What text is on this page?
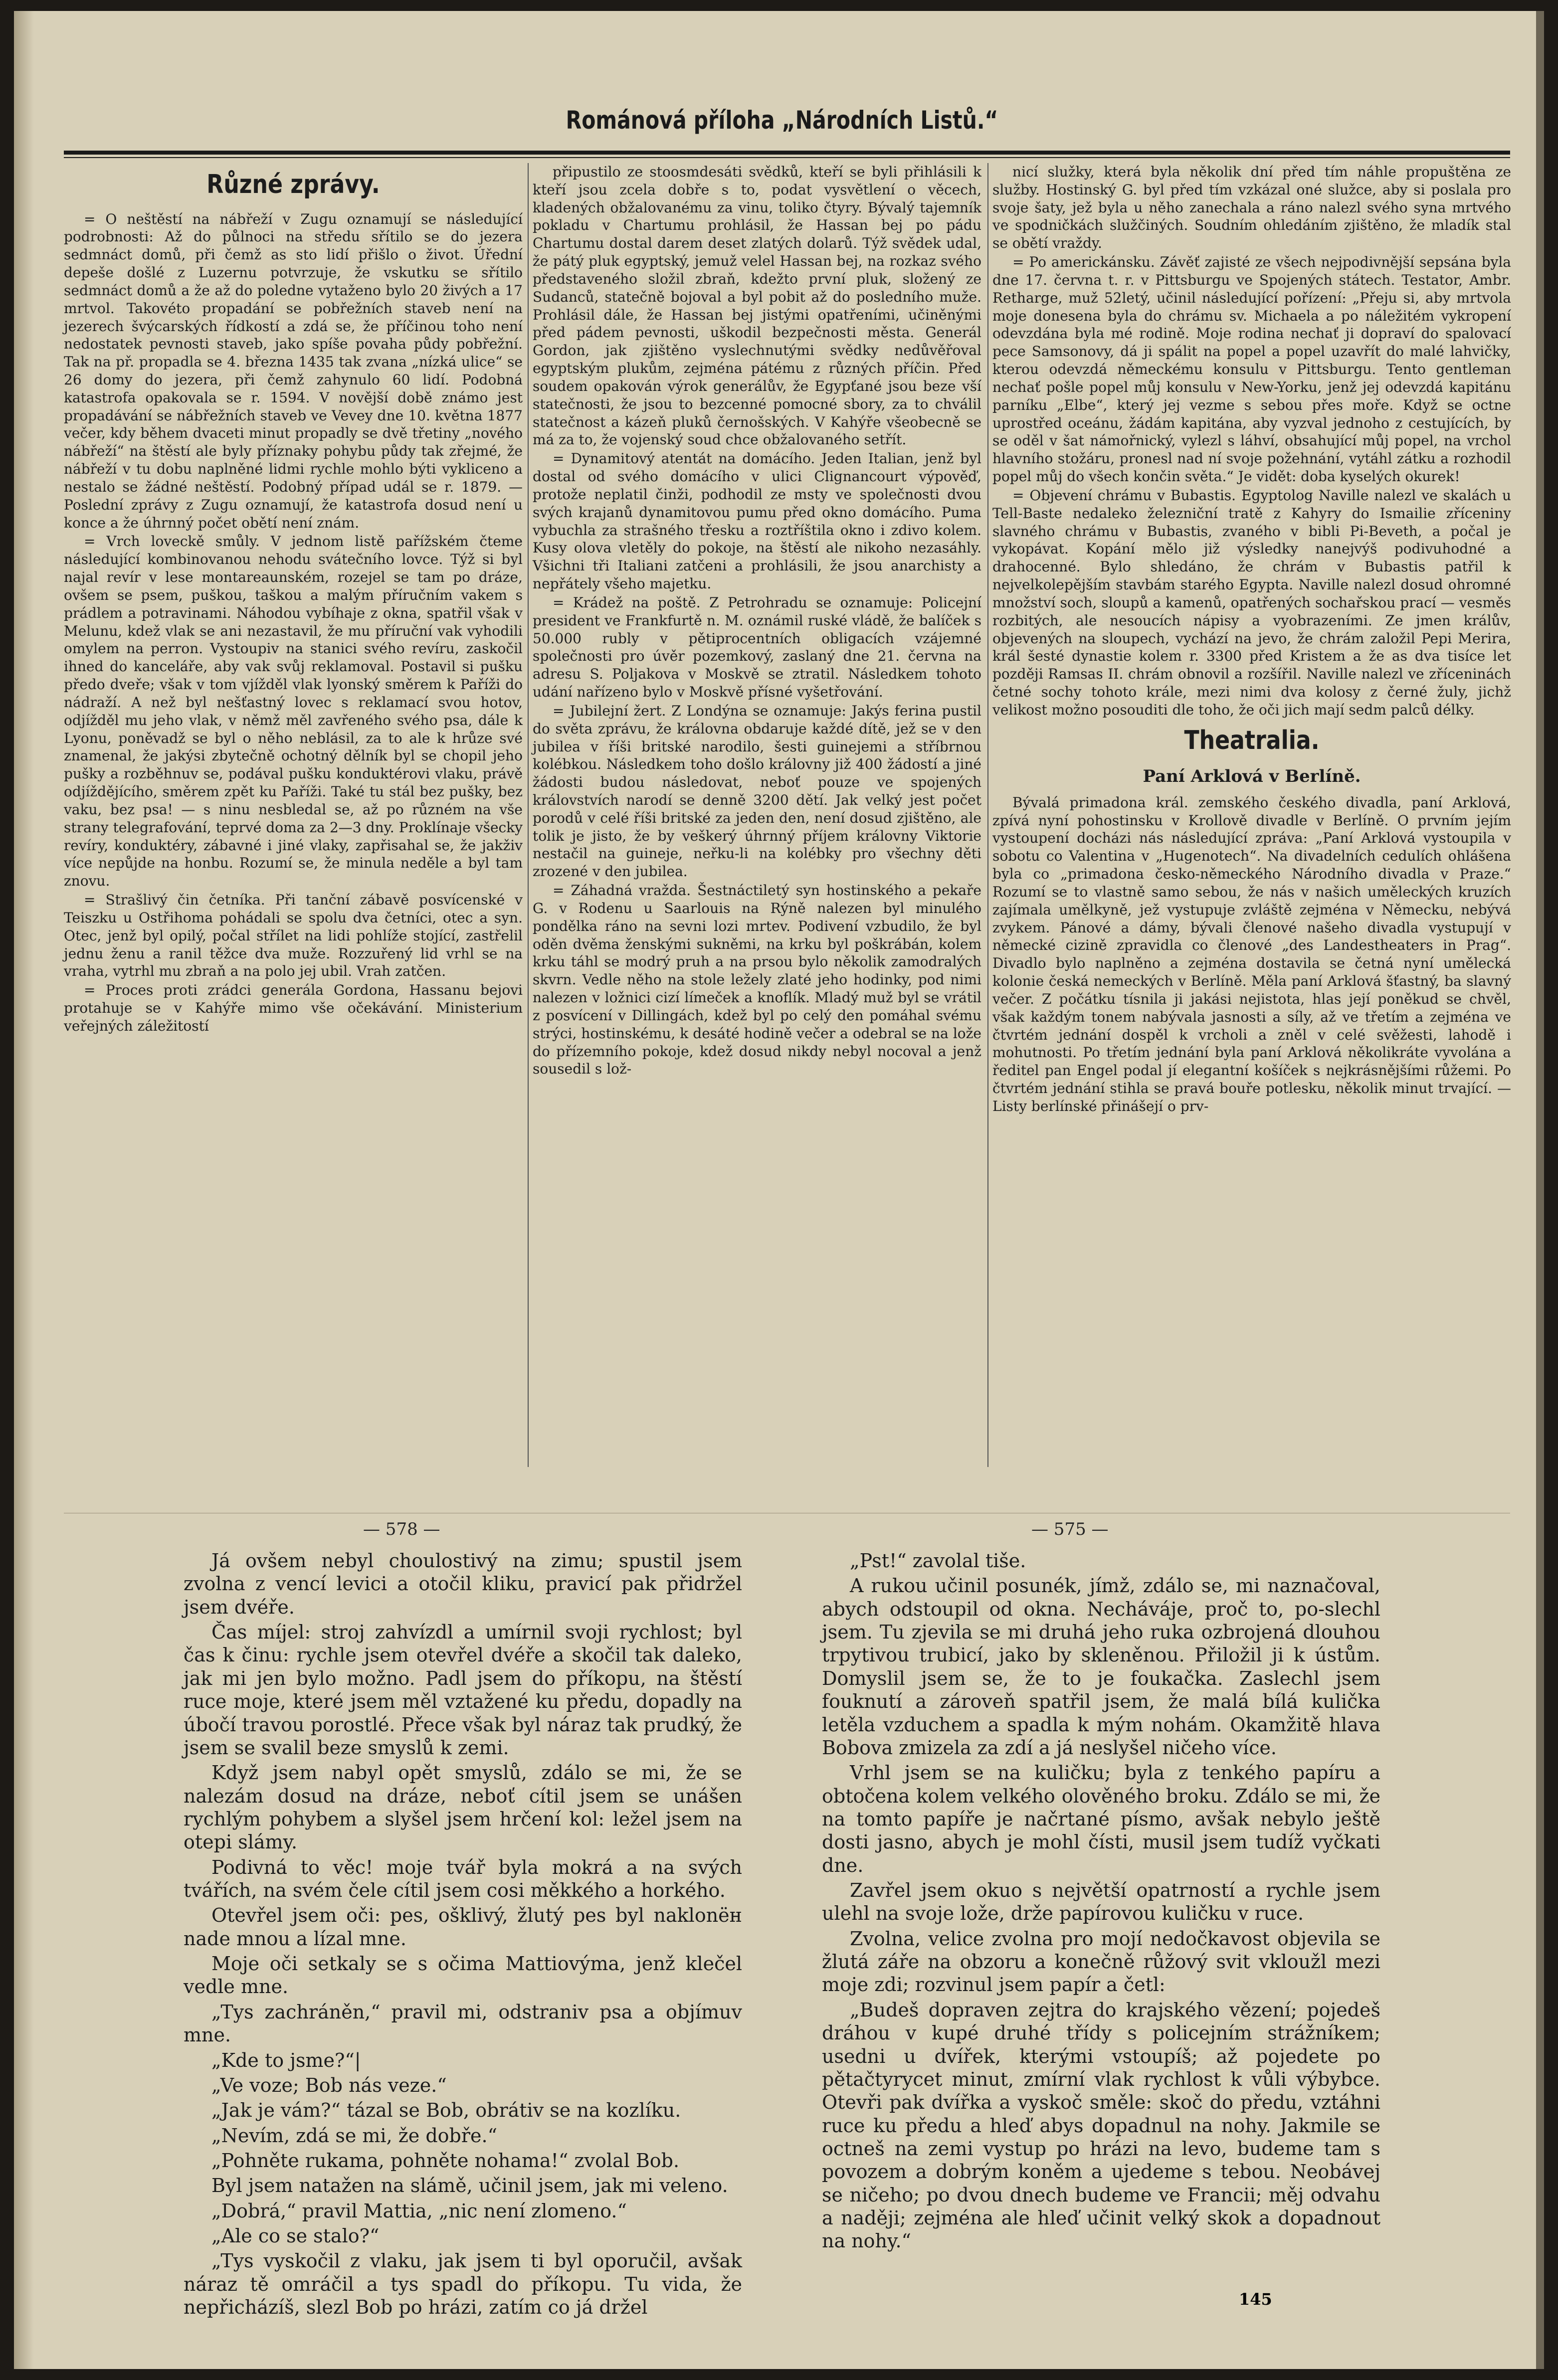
Románová příloha „Národních Listů.“
Různé zprávy.

= O neštěstí na nábřeží v Zugu oznamují se následující podrobnosti: Až do půlnoci na středu sřítilo se do jezera sedmnáct domů, při čemž as sto lidí přišlo o život. Úřední depeše došlé z Luzernu potvrzuje, že vskutku se sřítilo sedmnáct domů a že až do poledne vytaženo bylo 20 živých a 17 mrtvol. Takovéto propadání se pobřežních staveb není na jezerech švýcarských řídkostí a zdá se, že příčinou toho není nedostatek pevnosti staveb, jako spíše povaha půdy pobřežní. Tak na př. propadla se 4. března 1435 tak zvana „nízká ulice“ se 26 domy do jezera, při čemž zahynulo 60 lidí. Podobná katastrofa opakovala se r. 1594. V novější době známo jest propadávání se nábřežních staveb ve Vevey dne 10. května 1877 večer, kdy během dvaceti minut propadly se dvě třetiny „nového nábřeží“ na štěstí ale byly příznaky pohybu půdy tak zřejmé, že nábřeží v tu dobu naplněné lidmi rychle mohlo býti vykliceno a nestalo se žádné neštěstí. Podobný případ udál se r. 1879. — Poslední zprávy z Zugu oznamují, že katastrofa dosud není u konce a že úhrnný počet obětí není znám.

= Vrch loveckě smůly. V jednom listě pařížském čteme následující kombinovanou nehodu svátečního lovce. Týž si byl najal revír v lese montareaunském, rozejel se tam po dráze, ovšem se psem, puškou, taškou a malým příručním vakem s prádlem a potravinami. Náhodou vybíhaje z okna, spatřil však v Melunu, kdež vlak se ani nezastavil, že mu příruční vak vyhodili omylem na perron. Vystoupiv na stanici svého revíru, zaskočil ihned do kanceláře, aby vak svůj reklamoval. Postavil si pušku předo dveře; však v tom vjížděl vlak lyonský směrem k Paříži do nádraží. A než byl nešťastný lovec s reklamací svou hotov, odjížděl mu jeho vlak, v němž měl zavřeného svého psa, dále k Lyonu, poněvadž se byl o něho neblásil, za to ale k hrůze své znamenal, že jakýsi zbytečně ochotný dělník byl se chopil jeho pušky a rozběhnuv se, podával pušku konduktérovi vlaku, právě odjíždějícího, směrem zpět ku Paříži. Také tu stál bez pušky, bez vaku, bez psa! — s ninu nesbledal se, až po různém na vše strany telegrafování, teprvé doma za 2—3 dny. Proklínaje všecky revíry, konduktéry, zábavné i jiné vlaky, zapřisahal se, že jakživ více nepůjde na honbu. Rozumí se, že minula neděle a byl tam znovu.

= Strašlivý čin četníka. Při tanční zábavě posvícenské v Teiszku u Ostřihoma pohádali se spolu dva četníci, otec a syn. Otec, jenž byl opilý, počal střílet na lidi pohlíže stojící, zastřelil jednu ženu a ranil těžce dva muže. Rozzuřený lid vrhl se na vraha, vytrhl mu zbraň a na polo jej ubil. Vrah zatčen.

= Proces proti zrádci generála Gordona, Hassanu bejovi protahuje se v Kahýře mimo vše očekávání. Ministerium veřejných záležitostí

připustilo ze stoosmdesáti svědků, kteří se byli přihlásili k kteří jsou zcela dobře s to, podat vysvětlení o věcech, kladených obžalovanému za vinu, toliko čtyry. Bývalý tajemník pokladu v Chartumu prohlásil, že Hassan bej po pádu Chartumu dostal darem deset zlatých dolarů. Týž svědek udal, že pátý pluk egyptský, jemuž velel Hassan bej, na rozkaz svého představeného složil zbraň, kdežto první pluk, složený ze Sudanců, statečně bojoval a byl pobit až do posledního muže. Prohlásil dále, že Hassan bej jistými opatřeními, učiněnými před pádem pevnosti, uškodil bezpečnosti města. Generál Gordon, jak zjištěno vyslechnutými svědky nedůvěřoval egyptským plukům, zejména pátému z různých příčin. Před soudem opakován výrok generálův, že Egypťané jsou beze vší statečnosti, že jsou to bezcenné pomocné sbory, za to chválil statečnost a kázeň pluků černošských. V Kahýře všeobecně se má za to, že vojenský soud chce obžalovaného setřít.

= Dynamitový atentát na domácího. Jeden Italian, jenž byl dostal od svého domácího v ulici Clignancourt výpověď, protože neplatil činži, podhodil ze msty ve společnosti dvou svých krajanů dynamitovou pumu před okno domácího. Puma vybuchla za strašného třesku a roztříštila okno i zdivo kolem. Kusy olova vletěly do pokoje, na štěstí ale nikoho nezasáhly. Všichni tři Italiani zatčeni a prohlásili, že jsou anarchisty a nepřátely všeho majetku.

= Krádež na poště. Z Petrohradu se oznamuje: Policejní president ve Frankfurtě n. M. oznámil ruské vládě, že balíček s 50.000 rubly v pětiprocentních obligacích vzájemné společnosti pro úvěr pozemkový, zaslaný dne 21. června na adresu S. Poljakova v Moskvě se ztratil. Následkem tohoto udání nařízeno bylo v Moskvě přísné vyšetřování.

= Jubilejní žert. Z Londýna se oznamuje: Jakýs ferina pustil do světa zprávu, že královna obdaruje každé dítě, jež se v den jubilea v říši britské narodilo, šesti guinejemi a stříbrnou kolébkou. Následkem toho došlo královny již 400 žádostí a jiné žádosti budou následovat, neboť pouze ve spojených královstvích narodí se denně 3200 dětí. Jak velký jest počet porodů v celé říši britské za jeden den, není dosud zjištěno, ale tolik je jisto, že by veškerý úhrnný příjem královny Viktorie nestačil na guineje, neřku-li na kolébky pro všechny děti zrozené v den jubilea.

= Záhadná vražda. Šestnáctiletý syn hostinského a pekaře G. v Rodenu u Saarlouis na Rýně nalezen byl minulého pondělka ráno na sevni lozi mrtev. Podivení vzbudilo, že byl oděn dvěma ženskými sukněmi, na krku byl poškrábán, kolem krku táhl se modrý pruh a na prsou bylo několik zamodralých skvrn. Vedle něho na stole ležely zlaté jeho hodinky, pod nimi nalezen v ložnici cizí límeček a knoflík. Mladý muž byl se vrátil z posvícení v Dillingách, kdež byl po celý den pomáhal svému strýci, hostinskému, k desáté hodině večer a odebral se na lože do přízemního pokoje, kdež dosud nikdy nebyl nocoval a jenž sousedil s lož-

nicí služky, která byla několik dní před tím náhle propuštěna ze služby. Hostinský G. byl před tím vzkázal oné služce, aby si poslala pro svoje šaty, jež byla u něho zanechala a ráno nalezl svého syna mrtvého ve spodničkách služčiných. Soudním ohledáním zjištěno, že mladík stal se obětí vraždy.

= Po americkánsku. Závěť zajisté ze všech nejpodivnější sepsána byla dne 17. června t. r. v Pittsburgu ve Spojených státech. Testator, Ambr. Retharge, muž 52letý, učinil následující pořízení: „Přeju si, aby mrtvola moje donesena byla do chrámu sv. Michaela a po náležitém vykropení odevzdána byla mé rodině. Moje rodina nechať ji dopraví do spalovací pece Samsonovy, dá ji spálit na popel a popel uzavřít do malé lahvičky, kterou odevzdá německému konsulu v Pittsburgu. Tento gentleman nechať pošle popel můj konsulu v New-Yorku, jenž jej odevzdá kapitánu parníku „Elbe“, který jej vezme s sebou přes moře. Když se octne uprostřed oceánu, žádám kapitána, aby vyzval jednoho z cestujících, by se oděl v šat námořnický, vylezl s láhví, obsahující můj popel, na vrchol hlavního stožáru, pronesl nad ní svoje požehnání, vytáhl zátku a rozhodil popel můj do všech končin světa.“ Je vidět: doba kyselých okurek!

= Objevení chrámu v Bubastis. Egyptolog Naville nalezl ve skalách u Tell-Baste nedaleko železniční tratě z Kahyry do Ismailie zříceniny slavného chrámu v Bubastis, zvaného v bibli Pi-Beveth, a počal je vykopávat. Kopání mělo již výsledky nanejvýš podivuhodné a drahocenné. Bylo shledáno, že chrám v Bubastis patřil k nejvelkolepějším stavbám starého Egypta. Naville nalezl dosud ohromné množství soch, sloupů a kamenů, opatřených sochařskou prací — vesměs rozbitých, ale nesoucích nápisy a vyobrazeními. Ze jmen králův, objevených na sloupech, vychází na jevo, že chrám založil Pepi Merira, král šesté dynastie kolem r. 3300 před Kristem a že as dva tisíce let později Ramsas II. chrám obnovil a rozšířil. Naville nalezl ve zříceninách četné sochy tohoto krále, mezi nimi dva kolosy z černé žuly, jichž velikost možno posouditi dle toho, že oči jich mají sedm palců délky.

Theatralia.
Paní Arklová v Berlíně.

Bývalá primadona král. zemského českého divadla, paní Arklová, zpívá nyní pohostinsku v Krollově divadle v Berlíně. O prvním jejím vystoupení docházi nás následující zpráva: „Paní Arklová vystoupila v sobotu co Valentina v „Hugenotech“. Na divadelních cedulích ohlášena byla co „primadona česko-německého Národního divadla v Praze.“ Rozumí se to vlastně samo sebou, že nás v našich uměleckých kruzích zajímala umělkyně, jež vystupuje zvláště zejména v Německu, nebývá zvykem. Pánové a dámy, bývali členové našeho divadla vystupují v německé cizině zpravidla co členové „des Landestheaters in Prag“. Divadlo bylo naplněno a zejména dostavila se četná nyní umělecká kolonie česká nemeckých v Berlíně. Měla paní Arklová šťastný, ba slavný večer. Z počátku tísnila ji jakási nejistota, hlas její poněkud se chvěl, však každým tonem nabývala jasnosti a síly, až ve třetím a zejména ve čtvrtém jednání dospěl k vrcholi a zněl v celé svěžesti, lahodě i mohutnosti. Po třetím jednání byla paní Arklová několikráte vyvolána a ředitel pan Engel podal jí elegantní košíček s nejkrásnějšími růžemi. Po čtvrtém jednání stihla se pravá bouře potlesku, několik minut trvající. — Listy berlínské přinášejí o prv-

— 578 —	— 575 —

Já ovšem nebyl choulostivý na zimu; spustil jsem zvolna z vencí levici a otočil kliku, pravicí pak přidržel jsem dvéře.

Čas míjel: stroj zahvízdl a umírnil svoji rychlost; byl čas k činu: rychle jsem otevřel dvéře a skočil tak daleko, jak mi jen bylo možno. Padl jsem do příkopu, na štěstí ruce moje, které jsem měl vztažené ku předu, dopadly na úbočí travou porostlé. Přece však byl náraz tak prudký, že jsem se svalil beze smyslů k zemi.

Když jsem nabyl opět smyslů, zdálo se mi, že se nalezám dosud na dráze, neboť cítil jsem se unášen rychlým pohybem a slyšel jsem hrčení kol: ležel jsem na otepi slámy.

Podivná to věc! moje tvář byla mokrá a na svých tvářích, na svém čele cítil jsem cosi měkkého a horkého.

Otevřel jsem oči: pes, ošklivý, žlutý pes byl naklonён nade mnou a lízal mne.

Moje oči setkaly se s očima Mattiovýma, jenž klečel vedle mne.

„Tys zachráněn,“ pravil mi, odstraniv psa a objímuv mne.

„Kde to jsme?“|

„Ve voze; Bob nás veze.“

„Jak je vám?“ tázal se Bob, obrátiv se na kozlíku.

„Nevím, zdá se mi, že dobře.“

„Pohněte rukama, pohněte nohama!“ zvolal Bob.

Byl jsem natažen na slámě, učinil jsem, jak mi veleno.

„Dobrá,“ pravil Mattia, „nic není zlomeno.“

„Ale co se stalo?“

„Tys vyskočil z vlaku, jak jsem ti byl oporučil, avšak náraz tě omráčil a tys spadl do příkopu. Tu vida, že nepřicházíš, slezl Bob po hrázi, zatím co já držel

„Pst!“ zavolal tiše.

A rukou učinil posunék, jímž, zdálo se, mi naznačoval, abych odstoupil od okna. Necháváje, proč to, po-slechl jsem. Tu zjevila se mi druhá jeho ruka ozbrojená dlouhou trpytivou trubicí, jako by skleněnou. Přiložil ji k ústům. Domyslil jsem se, že to je foukačka. Zaslechl jsem fouknutí a zároveň spatřil jsem, že malá bílá kulička letěla vzduchem a spadla k mým nohám. Okamžitě hlava Bobova zmizela za zdí a já neslyšel ničeho více.

Vrhl jsem se na kuličku; byla z tenkého papíru a obtočena kolem velkého olověného broku. Zdálo se mi, že na tomto papíře je načrtané písmo, avšak nebylo ještě dosti jasno, abych je mohl čísti, musil jsem tudíž vyčkati dne.

Zavřel jsem okuo s největší opatrností a rychle jsem ulehl na svoje lože, drže papírovou kuličku v ruce.

Zvolna, velice zvolna pro mojí nedočkavost objevila se žlutá záře na obzoru a konečně růžový svit vkloužl mezi moje zdi; rozvinul jsem papír a četl:

„Budeš dopraven zejtra do krajského vězení; pojedeš dráhou v kupé druhé třídy s policejním strážníkem; usedni u dvířek, kterými vstoupíš; až pojedete po pětačtyrycet minut, zmírní vlak rychlost k vůli výbybce. Otevři pak dvířka a vyskoč směle: skoč do předu, vztáhni ruce ku předu a hleď abys dopadnul na nohy. Jakmile se octneš na zemi vystup po hrázi na levo, budeme tam s povozem a dobrým koněm a ujedeme s tebou. Neobávej se ničeho; po dvou dnech budeme ve Francii; měj odvahu a naději; zejména ale hleď učinit velký skok a dopadnout na nohy.“

145
